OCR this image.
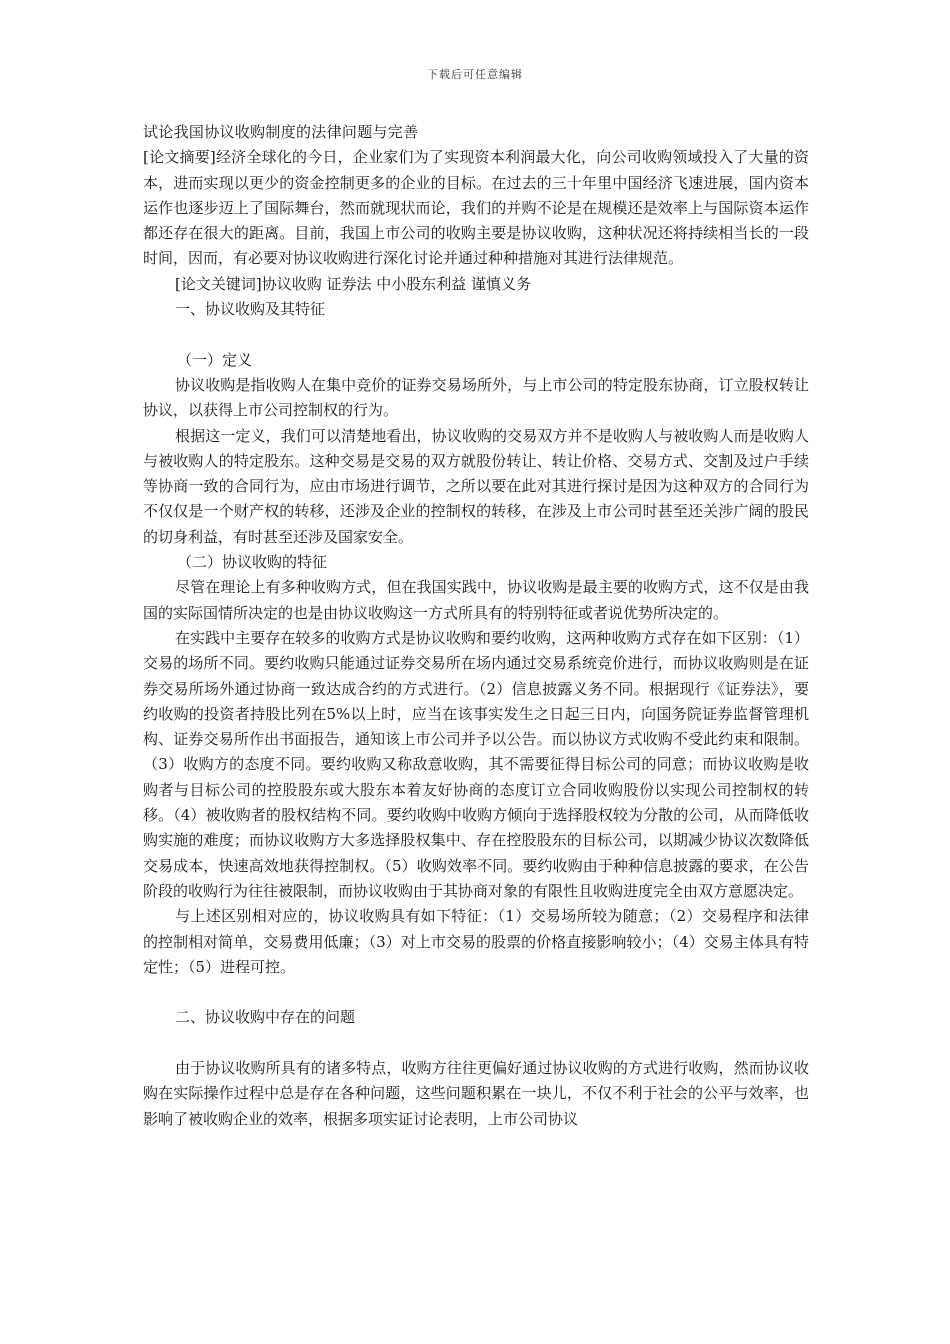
下载后可任意编辑

试论我国协议收购制度的法律问题与完善

[论文摘要]经济全球化的今日，企业家们为了实现资本利润最大化，向公司收购领域投入了大量的资本，进而实现以更少的资金控制更多的企业的目标。在过去的三十年里中国经济飞速进展，国内资本运作也逐步迈上了国际舞台，然而就现状而论，我们的并购不论是在规模还是效率上与国际资本运作都还存在很大的距离。目前，我国上市公司的收购主要是协议收购，这种状况还将持续相当长的一段时间，因而，有必要对协议收购进行深化讨论并通过种种措施对其进行法律规范。

[论文关键词]协议收购 证券法 中小股东利益 谨慎义务

一、协议收购及其特征

（一）定义

协议收购是指收购人在集中竞价的证券交易场所外，与上市公司的特定股东协商，订立股权转让协议，以获得上市公司控制权的行为。

根据这一定义，我们可以清楚地看出，协议收购的交易双方并不是收购人与被收购人而是收购人与被收购人的特定股东。这种交易是交易的双方就股份转让、转让价格、交易方式、交割及过户手续等协商一致的合同行为，应由市场进行调节，之所以要在此对其进行探讨是因为这种双方的合同行为不仅仅是一个财产权的转移，还涉及企业的控制权的转移，在涉及上市公司时甚至还关涉广阔的股民的切身利益，有时甚至还涉及国家安全。

（二）协议收购的特征

尽管在理论上有多种收购方式，但在我国实践中，协议收购是最主要的收购方式，这不仅是由我国的实际国情所决定的也是由协议收购这一方式所具有的特别特征或者说优势所决定的。

在实践中主要存在较多的收购方式是协议收购和要约收购，这两种收购方式存在如下区别：（1）交易的场所不同。要约收购只能通过证券交易所在场内通过交易系统竞价进行，而协议收购则是在证券交易所场外通过协商一致达成合约的方式进行。（2）信息披露义务不同。根据现行《证券法》，要约收购的投资者持股比列在5%以上时，应当在该事实发生之日起三日内，向国务院证券监督管理机构、证券交易所作出书面报告，通知该上市公司并予以公告。而以协议方式收购不受此约束和限制。（3）收购方的态度不同。要约收购又称敌意收购，其不需要征得目标公司的同意；而协议收购是收购者与目标公司的控股股东或大股东本着友好协商的态度订立合同收购股份以实现公司控制权的转移。（4）被收购者的股权结构不同。要约收购中收购方倾向于选择股权较为分散的公司，从而降低收购实施的难度；而协议收购方大多选择股权集中、存在控股股东的目标公司，以期减少协议次数降低交易成本，快速高效地获得控制权。（5）收购效率不同。要约收购由于种种信息披露的要求，在公告阶段的收购行为往往被限制，而协议收购由于其协商对象的有限性且收购进度完全由双方意愿决定。

与上述区别相对应的，协议收购具有如下特征：（1）交易场所较为随意；（2）交易程序和法律的控制相对简单，交易费用低廉；（3）对上市交易的股票的价格直接影响较小；（4）交易主体具有特定性；（5）进程可控。

二、协议收购中存在的问题

由于协议收购所具有的诸多特点，收购方往往更偏好通过协议收购的方式进行收购，然而协议收购在实际操作过程中总是存在各种问题，这些问题积累在一块儿，不仅不利于社会的公平与效率，也影响了被收购企业的效率，根据多项实证讨论表明，上市公司协议
